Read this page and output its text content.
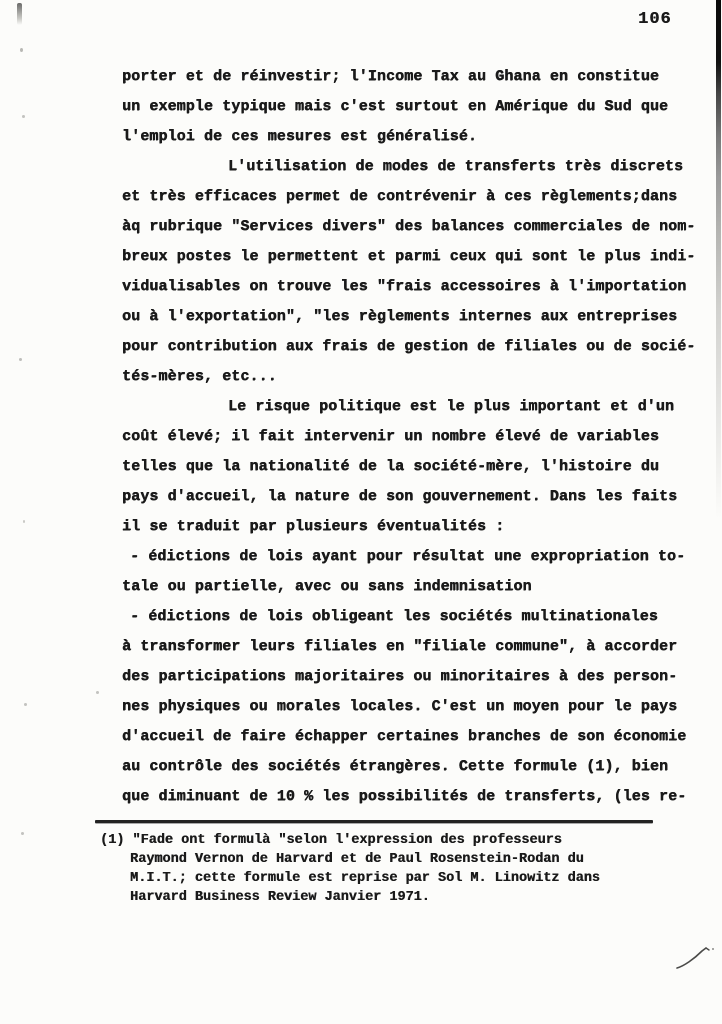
106
porter et de réinvestir; l'Income Tax au Ghana en constitue
un exemple typique mais c'est surtout en Amérique du Sud que
l'emploi de ces mesures est généralisé.
L'utilisation de modes de transferts très discrets
et très efficaces permet de contrévenir à ces règlements;dans
àq rubrique "Services divers" des balances commerciales de nom-
breux postes le permettent et parmi ceux qui sont le plus indi-
vidualisables on trouve les "frais accessoires à l'importation
ou à l'exportation", "les règlements internes aux entreprises
pour contribution aux frais de gestion de filiales ou de socié-
tés-mères, etc...
Le risque politique est le plus important et d'un
coût élevé; il fait intervenir un nombre élevé de variables
telles que la nationalité de la société-mère, l'histoire du
pays d'accueil, la nature de son gouvernement. Dans les faits
il se traduit par plusieurs éventualités :
- édictions de lois ayant pour résultat une expropriation to-
tale ou partielle, avec ou sans indemnisation
- édictions de lois obligeant les sociétés multinationales
à transformer leurs filiales en "filiale commune", à accorder
des participations majoritaires ou minoritaires à des person-
nes physiques ou morales locales. C'est un moyen pour le pays
d'accueil de faire échapper certaines branches de son économie
au contrôle des sociétés étrangères. Cette formule (1), bien
que diminuant de 10 % les possibilités de transferts, (les re-
(1) "Fade ont formulà "selon l'expression des professeurs
Raymond Vernon de Harvard et de Paul Rosenstein-Rodan du
M.I.T.; cette formule est reprise par Sol M. Linowitz dans
Harvard Business Review Janvier 1971.
